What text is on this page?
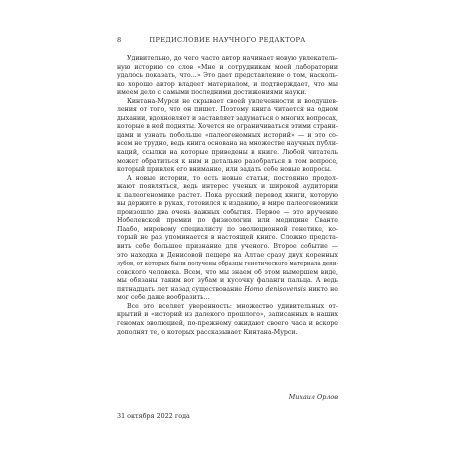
8	ПРЕДИСЛОВИЕ НАУЧНОГО РЕДАКТОРА
Удивительно, до чего часто автор начинает новую увлекатель-
ную историю со слов «Мне и сотрудникам моей лаборатории
удалось показать, что…» Это дает представление о том, насколь-
ко хорошо автор владеет материалом, и подтверждает, что мы
имеем дело с самыми последними достижениями науки.
Кинтана-Мурси не скрывает своей увлеченности и воодушев-
ления от того, что он пишет. Поэтому книга читается на одном
дыхании, вдохновляет и заставляет задуматься о многих вопросах,
которые в ней подняты. Хочется не ограничиваться этими страни-
цами и узнать побольше «палеогеномных историй» — и это со-
всем не трудно, ведь книга основана на множестве научных публи-
каций, ссылки на которые приведены в книге. Любой читатель
может обратиться к ним и детально разобраться в том вопросе,
который привлек его внимание, или задать себе новые вопросы.
А новые истории, то есть новые статьи, постоянно продол-
жают появляться, ведь интерес ученых и широкой аудитории
к палеогеномике растет. Пока русский перевод книги, которую
вы держите в руках, готовился к изданию, в мире палеогеномики
произошло два очень важных события. Первое — это вручение
Нобелевской премии по физиологии или медицине Сванте
Паабо, мировому специалисту по эволюционной генетике, ко-
торый не раз упоминается в настоящей книге. Сложно предста-
вить себе большее признание для ученого. Второе событие —
это находка в Денисовой пещере на Алтае сразу двух коренных
зубов, от которых были получены образцы генетического материала дени-
совского человека. Всем, что мы знаем об этом вымершем виде,
мы обязаны таким вот зубам и кусочку фаланги пальца. А ведь
пятнадцать лет назад существование Homo denisovensis никто не
мог себе даже вообразить…
Все это вселяет уверенность: множество удивительных от-
крытий и «историй из далекого прошлого», записанных в наших
геномах эволюцией, по-прежнему ожидают своего часа и вскоре
дополнят те, о которых рассказывает Кинтана-Мурси.
Михаил Орлов
31 октября 2022 года
